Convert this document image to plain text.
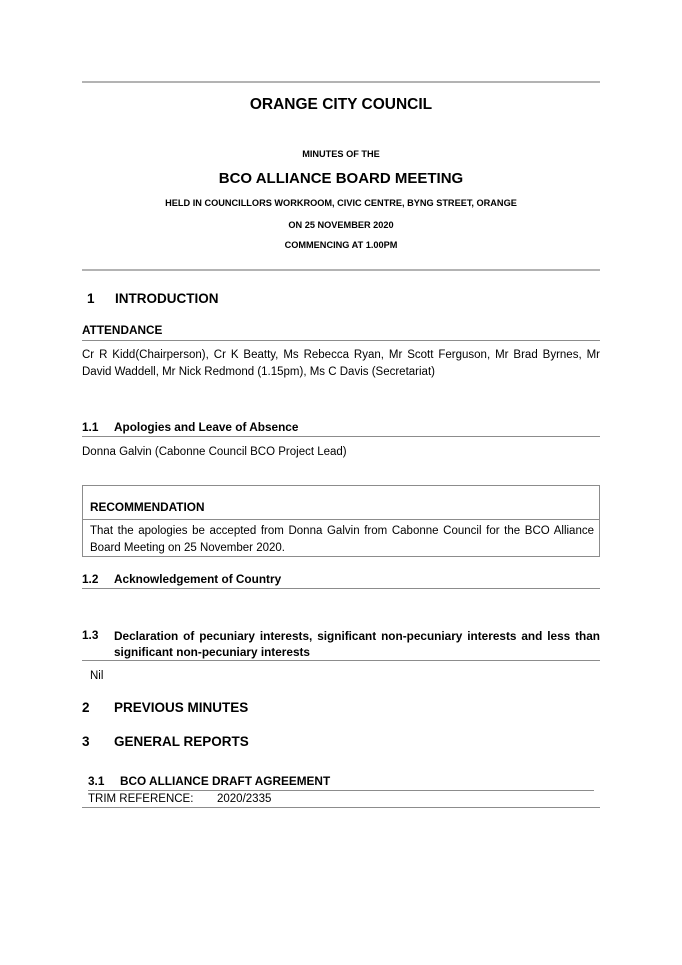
ORANGE CITY COUNCIL
MINUTES OF THE
BCO ALLIANCE BOARD MEETING
HELD IN COUNCILLORS WORKROOM, CIVIC CENTRE, BYNG STREET, ORANGE
ON 25 NOVEMBER 2020
COMMENCING AT 1.00PM
1 INTRODUCTION
ATTENDANCE
Cr R Kidd(Chairperson), Cr K Beatty, Ms Rebecca Ryan, Mr Scott Ferguson, Mr Brad Byrnes, Mr David Waddell, Mr Nick Redmond (1.15pm), Ms C Davis (Secretariat)
1.1 Apologies and Leave of Absence
Donna Galvin (Cabonne Council BCO Project Lead)
RECOMMENDATION
That the apologies be accepted from Donna Galvin from Cabonne Council for the BCO Alliance Board Meeting on 25 November 2020.
1.2 Acknowledgement of Country
1.3 Declaration of pecuniary interests, significant non-pecuniary interests and less than significant non-pecuniary interests
Nil
2 PREVIOUS MINUTES
3 GENERAL REPORTS
3.1 BCO ALLIANCE DRAFT AGREEMENT
TRIM REFERENCE: 2020/2335
